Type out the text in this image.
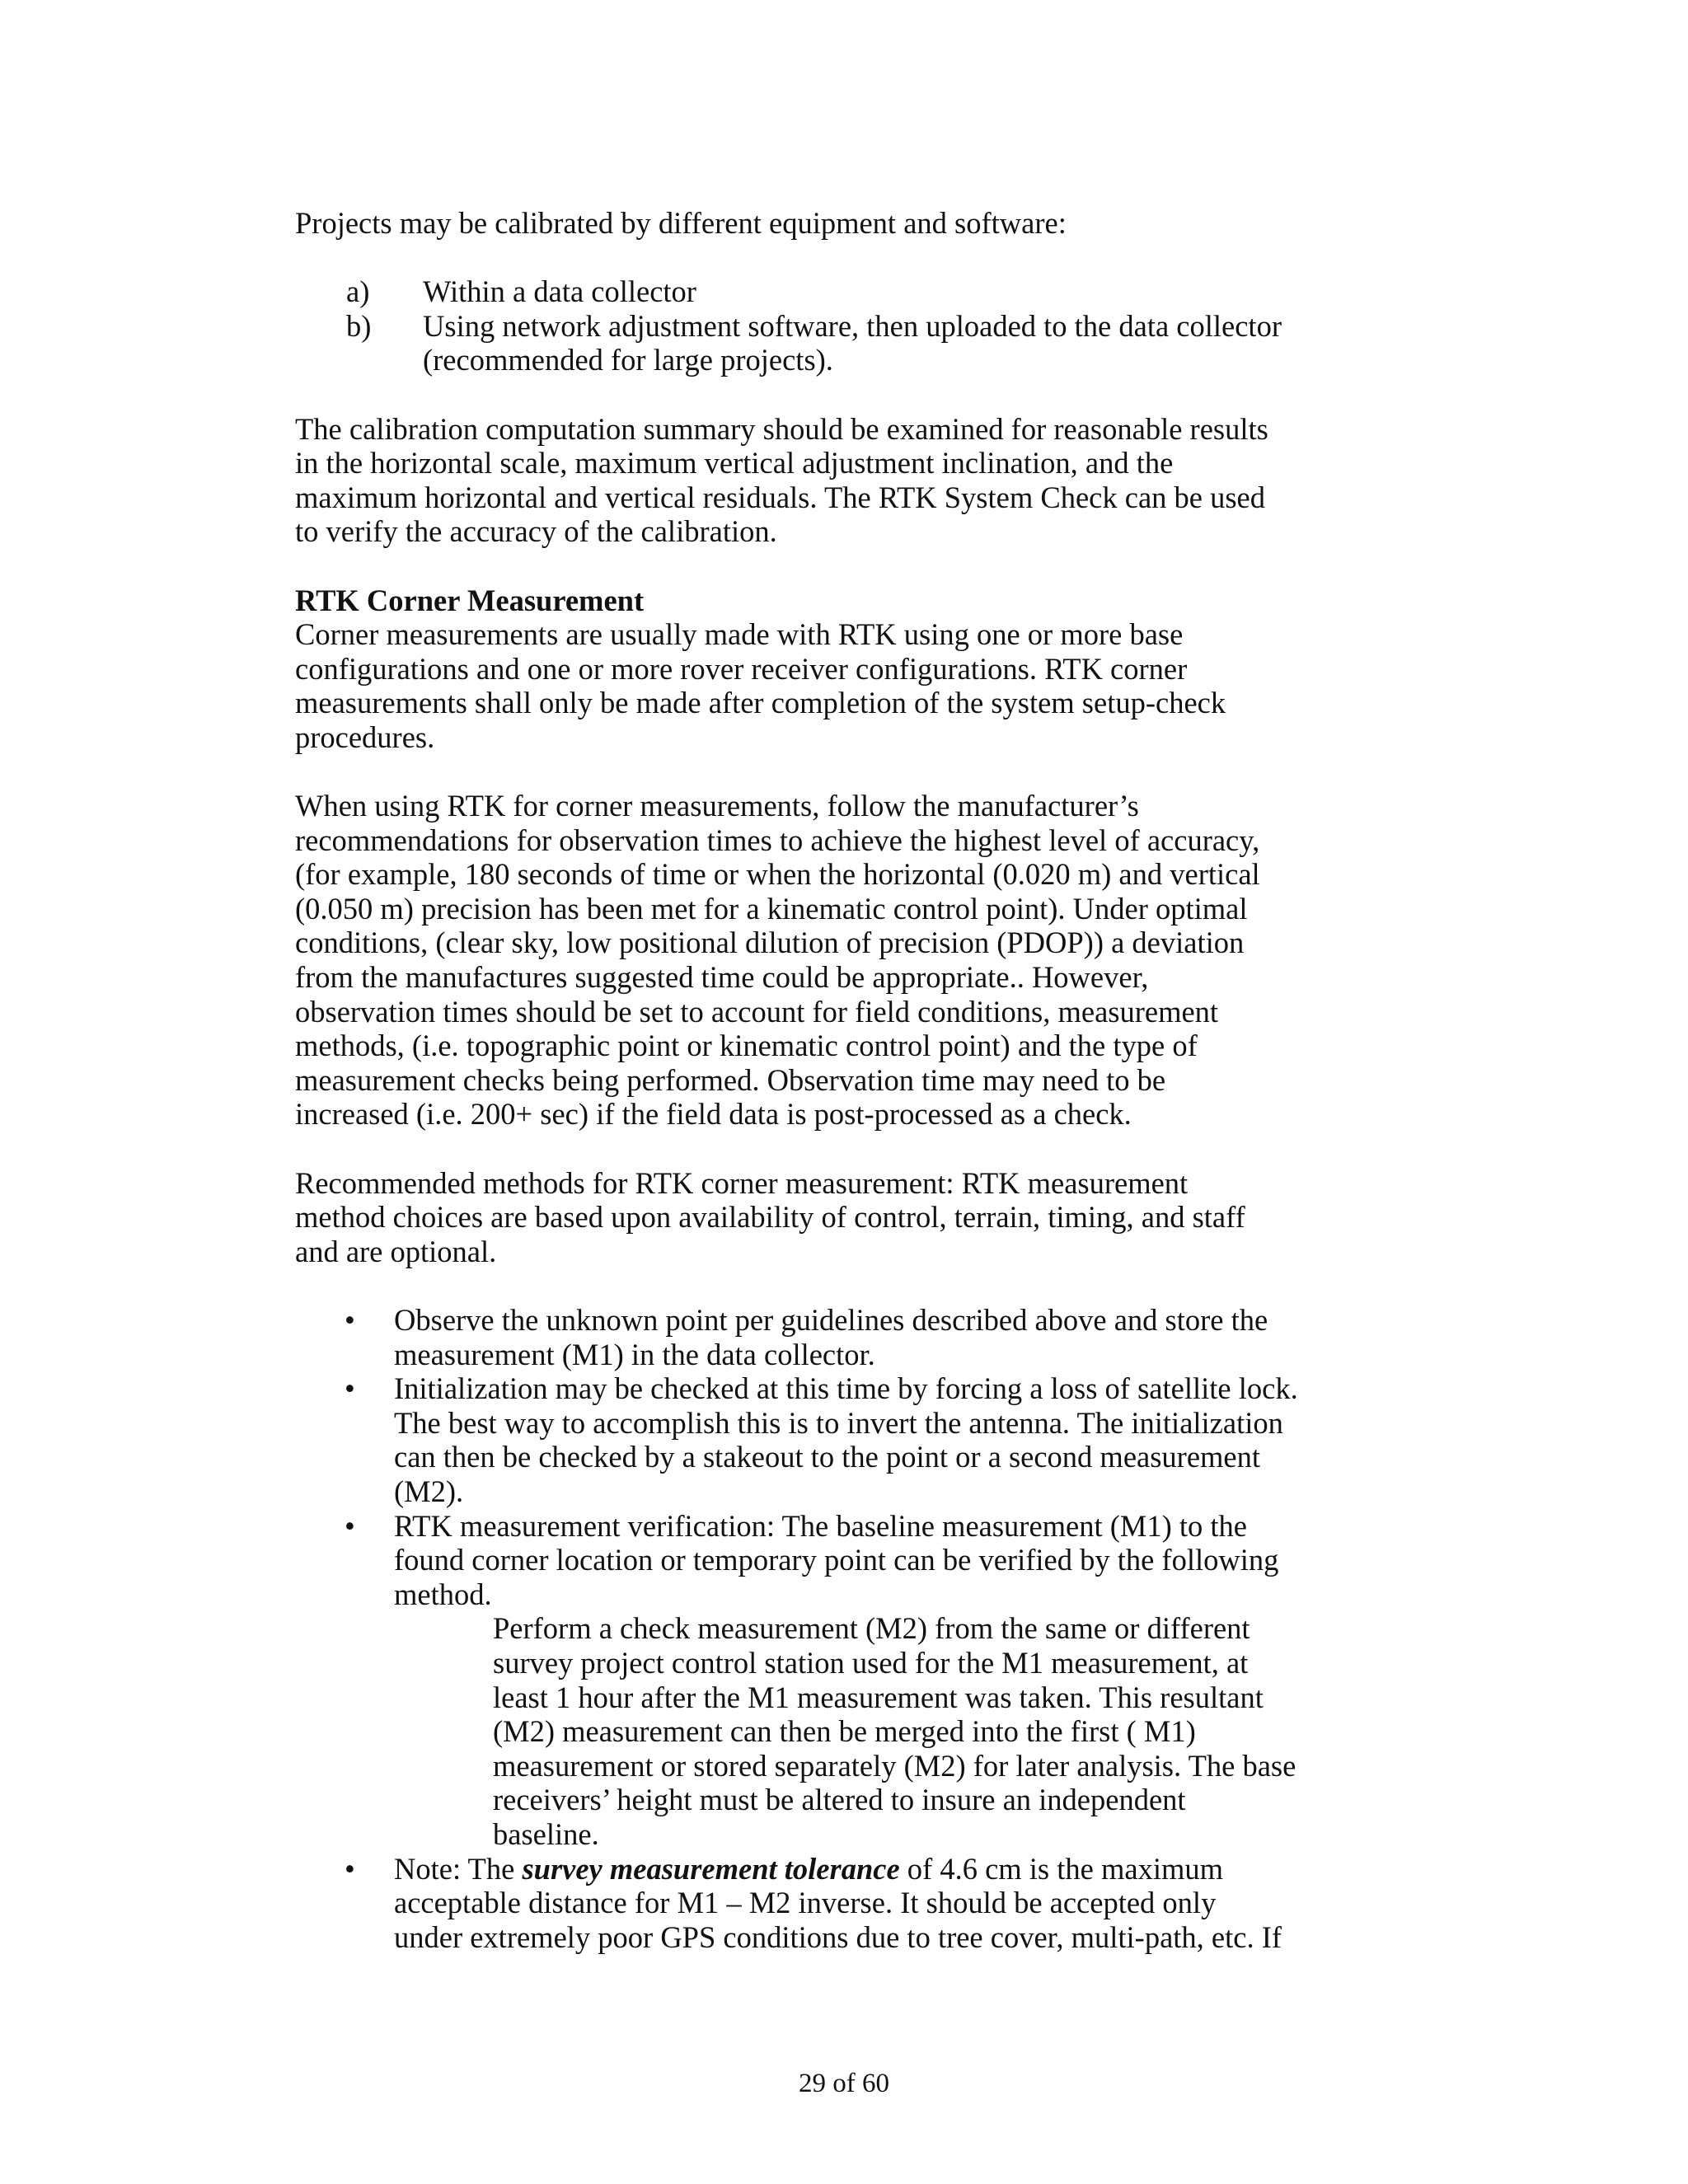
Projects may be calibrated by different equipment and software:

a) Within a data collector

b) Using network adjustment software, then uploaded to the data collector

(recommended for large projects).

The calibration computation summary should be examined for reasonable results

in the horizontal scale, maximum vertical adjustment inclination, and the

maximum horizontal and vertical residuals. The RTK System Check can be used

to verify the accuracy of the calibration.

RTK Corner Measurement

Corner measurements are usually made with RTK using one or more base

configurations and one or more rover receiver configurations. RTK corner

measurements shall only be made after completion of the system setup-check

procedures.

When using RTK for corner measurements, follow the manufacturer’s

recommendations for observation times to achieve the highest level of accuracy,

(for example, 180 seconds of time or when the horizontal (0.020 m) and vertical

(0.050 m) precision has been met for a kinematic control point). Under optimal

conditions, (clear sky, low positional dilution of precision (PDOP)) a deviation

from the manufactures suggested time could be appropriate.. However,

observation times should be set to account for field conditions, measurement

methods, (i.e. topographic point or kinematic control point) and the type of

measurement checks being performed. Observation time may need to be

increased (i.e. 200+ sec) if the field data is post-processed as a check.

Recommended methods for RTK corner measurement: RTK measurement

method choices are based upon availability of control, terrain, timing, and staff

and are optional.

• Observe the unknown point per guidelines described above and store the

measurement (M1) in the data collector.

• Initialization may be checked at this time by forcing a loss of satellite lock.

The best way to accomplish this is to invert the antenna. The initialization

can then be checked by a stakeout to the point or a second measurement

(M2).

• RTK measurement verification: The baseline measurement (M1) to the

found corner location or temporary point can be verified by the following

method.

Perform a check measurement (M2) from the same or different

survey project control station used for the M1 measurement, at

least 1 hour after the M1 measurement was taken. This resultant

(M2) measurement can then be merged into the first ( M1)

measurement or stored separately (M2) for later analysis. The base

receivers’ height must be altered to insure an independent

baseline.

• Note: The survey measurement tolerance of 4.6 cm is the maximum

acceptable distance for M1 – M2 inverse. It should be accepted only

under extremely poor GPS conditions due to tree cover, multi-path, etc. If

29 of 60
